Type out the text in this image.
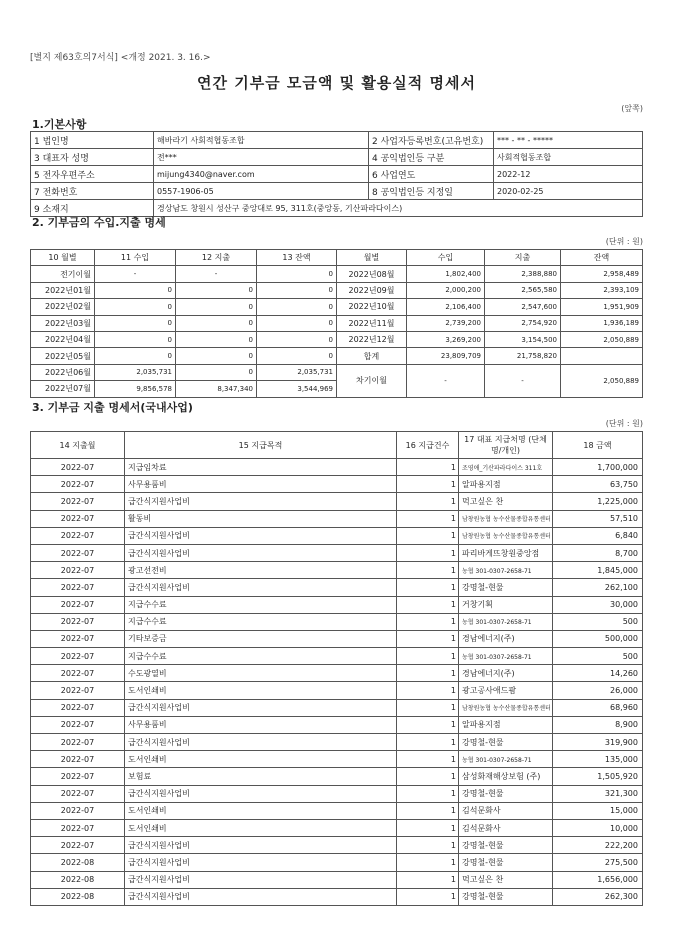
[별지 제63호의7서식] <개정 2021. 3. 16.>
연간 기부금 모금액 및 활용실적 명세서
(앞쪽)
1.기본사항
1 법인명	해바라기 사회적협동조합	2 사업자등록번호(고유번호)	*** - ** - *****
3 대표자 성명	전***	4 공익법인등 구분	사회적협동조합
5 전자우편주소	mijung4340@naver.com	6 사업연도	2022-12
7 전화번호	0557-1906-05	8 공익법인등 지정일	2020-02-25
9 소재지	경상남도 창원시 성산구 중앙대로 95, 311호(중앙동, 기산파라다이스)		
2. 기부금의 수입.지출 명세
(단위 : 원)
10 월별	11 수입	12 지출	13 잔액	월별	수입	지출	잔액
전기이월	-	-	0	2022년08월	1,802,400	2,388,880	2,958,489
2022년01월	0	0	0	2022년09월	2,000,200	2,565,580	2,393,109
2022년02월	0	0	0	2022년10월	2,106,400	2,547,600	1,951,909
2022년03월	0	0	0	2022년11월	2,739,200	2,754,920	1,936,189
2022년04월	0	0	0	2022년12월	3,269,200	3,154,500	2,050,889
2022년05월	0	0	0	합계	23,809,709	21,758,820	
2022년06월	2,035,731	0	2,035,731	차기이월	-	-	2,050,889
2022년07월	9,856,578	8,347,340	3,544,969				
3. 기부금 지출 명세서(국내사업)
(단위 : 원)
14 지출월	15 지급목적	16 지급건수	17 대표 지급처명 (단체명/개인)	18 금액
2022-07	지급임차료	1	조영애_기산파라다이스 311호	1,700,000
2022-07	사무용품비	1	알파용지점	63,750
2022-07	급간식지원사업비	1	먹고싶은 찬	1,225,000
2022-07	활동비	1	남창원농협 농수산물종합유통센터	57,510
2022-07	급간식지원사업비	1	남창원농협 농수산물종합유통센터	6,840
2022-07	급간식지원사업비	1	파리바게뜨창원중앙점	8,700
2022-07	광고선전비	1	농협 301-0307-2658-71	1,845,000
2022-07	급간식지원사업비	1	강명철-현물	262,100
2022-07	지급수수료	1	거창기획	30,000
2022-07	지급수수료	1	농협 301-0307-2658-71	500
2022-07	기타보증금	1	경남에너지(주)	500,000
2022-07	지급수수료	1	농협 301-0307-2658-71	500
2022-07	수도광열비	1	경남에너지(주)	14,260
2022-07	도서인쇄비	1	광고공사애드팜	26,000
2022-07	급간식지원사업비	1	남창원농협 농수산물종합유통센터	68,960
2022-07	사무용품비	1	알파용지점	8,900
2022-07	급간식지원사업비	1	강명철-현물	319,900
2022-07	도서인쇄비	1	농협 301-0307-2658-71	135,000
2022-07	보험료	1	삼성화재해상보험 (주)	1,505,920
2022-07	급간식지원사업비	1	강명철-현물	321,300
2022-07	도서인쇄비	1	김석문화사	15,000
2022-07	도서인쇄비	1	김석문화사	10,000
2022-07	급간식지원사업비	1	강명철-현물	222,200
2022-08	급간식지원사업비	1	강명철-현물	275,500
2022-08	급간식지원사업비	1	먹고싶은 찬	1,656,000
2022-08	급간식지원사업비	1	강명철-현물	262,300
